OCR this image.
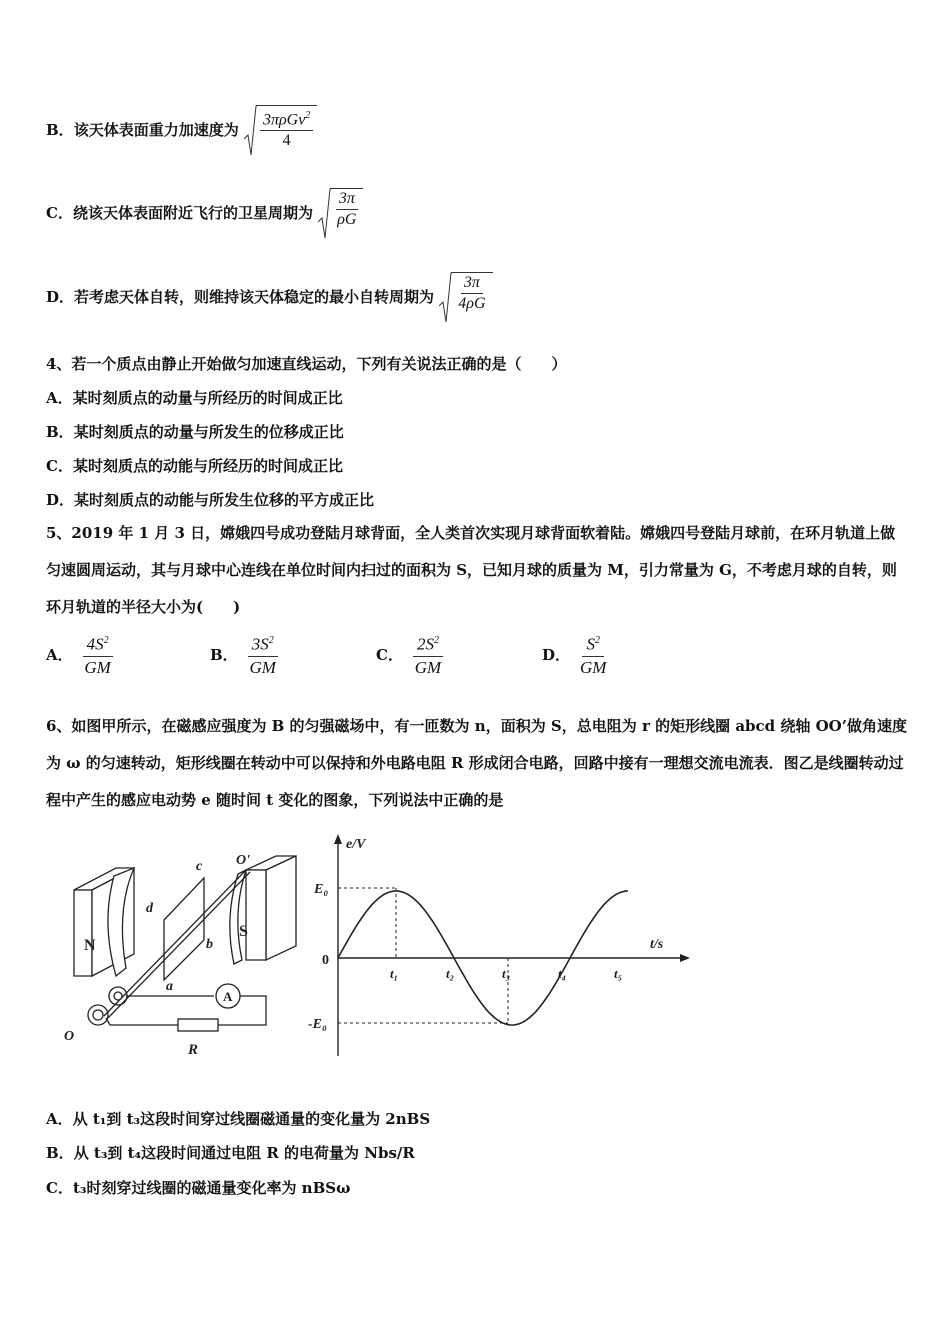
B．该天体表面重力加速度为 $\frac{3\pi\rho Gv^2}{4}$
C．绕该天体表面附近飞行的卫星周期为 $\frac{3\pi}{\rho G}$
D．若考虑天体自转，则维持该天体稳定的最小自转周期为 $\frac{3\pi}{4\rho G}$
4、若一个质点由静止开始做匀加速直线运动，下列有关说法正确的是（　　）
A．某时刻质点的动量与所经历的时间成正比
B．某时刻质点的动量与所发生的位移成正比
C．某时刻质点的动能与所经历的时间成正比
D．某时刻质点的动能与所发生位移的平方成正比
5、2019 年 1 月 3 日，嫦娥四号成功登陆月球背面，全人类首次实现月球背面软着陆。嫦娥四号登陆月球前，在环月轨道上做匀速圆周运动，其与月球中心连线在单位时间内扫过的面积为 S，已知月球的质量为 M，引力常量为 G，不考虑月球的自转，则环月轨道的半径大小为(　　)
A．
$4S^2$
GM
B．
$3S^2$
GM
C．
$2S^2$
GM
D．
$S^2$
GM
6、如图甲所示，在磁感应强度为 B 的匀强磁场中，有一匝数为 n，面积为 S，总电阻为 r 的矩形线圈 abcd 绕轴 OO’做角速度为 ω 的匀速转动，矩形线圈在转动中可以保持和外电路电阻 R 形成闭合电路，回路中接有一理想交流电流表．图乙是线圈转动过程中产生的感应电动势 e 随时间 t 变化的图象，下列说法中正确的是
N
S
A
R
a
b
c
d
O'
O
e/V
t/s
0
E₀
-E₀
t₁	t₂	t₃	t₄	t₅
A．从 t₁到 t₃这段时间穿过线圈磁通量的变化量为 2nBS
B．从 t₃到 t₄这段时间通过电阻 R 的电荷量为 Nbs/R
C．t₃时刻穿过线圈的磁通量变化率为 nBSω
